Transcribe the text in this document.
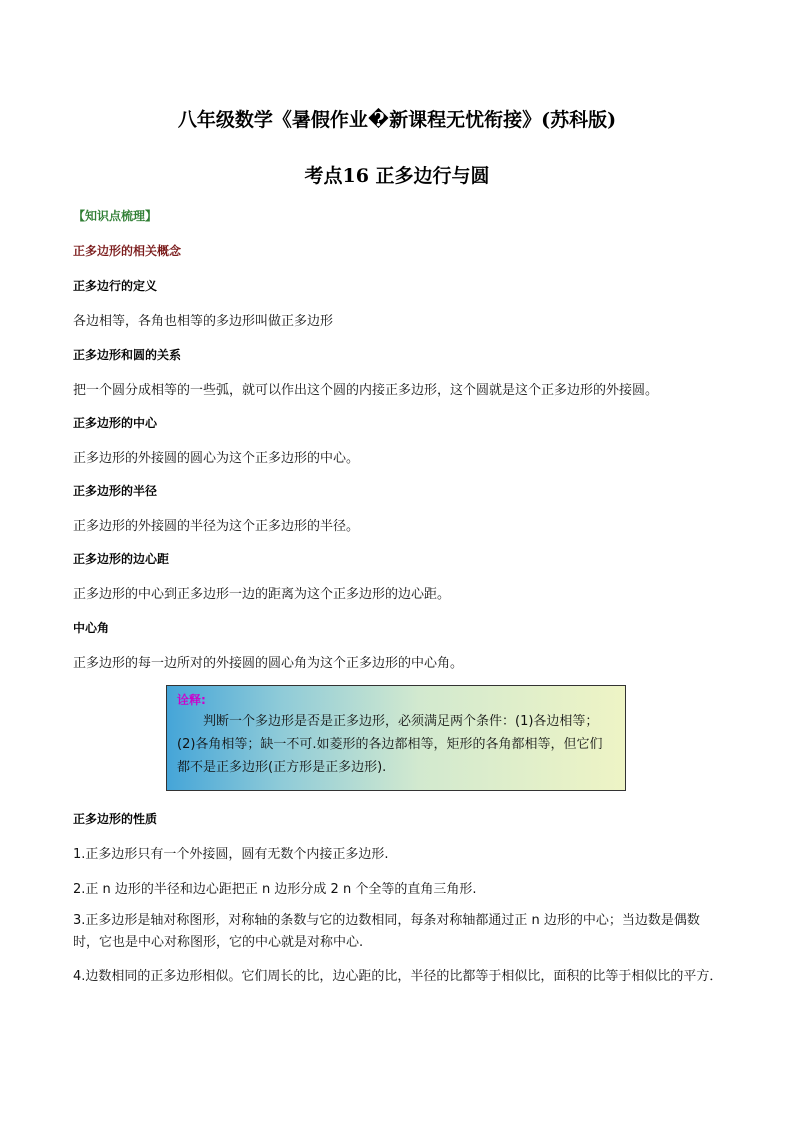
八年级数学《暑假作业�新课程无忧衔接》(苏科版)
考点16 正多边行与圆
【知识点梳理】
正多边形的相关概念
正多边行的定义
各边相等，各角也相等的多边形叫做正多边形
正多边形和圆的关系
把一个圆分成相等的一些弧，就可以作出这个圆的内接正多边形，这个圆就是这个正多边形的外接圆。
正多边形的中心
正多边形的外接圆的圆心为这个正多边形的中心。
正多边形的半径
正多边形的外接圆的半径为这个正多边形的半径。
正多边形的边心距
正多边形的中心到正多边形一边的距离为这个正多边形的边心距。
中心角
正多边形的每一边所对的外接圆的圆心角为这个正多边形的中心角。
诠释:

判断一个多边形是否是正多边形，必须满足两个条件：(1)各边相等；(2)各角相等；缺一不可.如菱形的各边都相等，矩形的各角都相等，但它们都不是正多边形(正方形是正多边形).

正多边形的性质
1.正多边形只有一个外接圆，圆有无数个内接正多边形.
2.正 n 边形的半径和边心距把正 n 边形分成 2 n 个全等的直角三角形.
3.正多边形是轴对称图形，对称轴的条数与它的边数相同，每条对称轴都通过正 n 边形的中心；当边数是偶数时，它也是中心对称图形，它的中心就是对称中心.
4.边数相同的正多边形相似。它们周长的比，边心距的比，半径的比都等于相似比，面积的比等于相似比的平方．
